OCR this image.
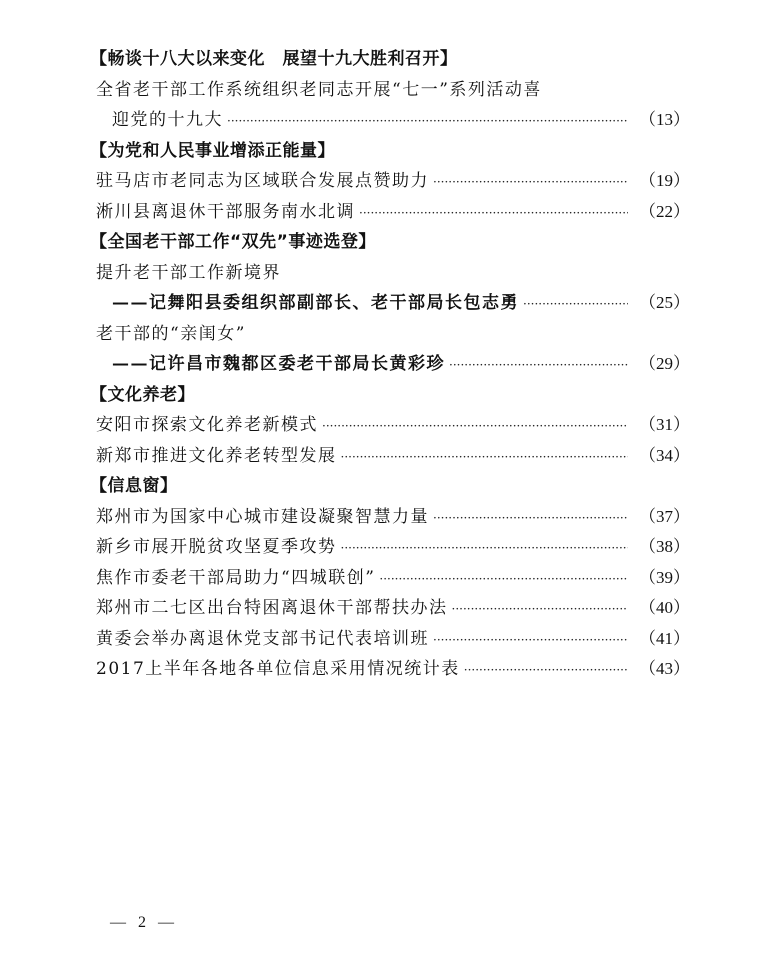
【畅谈十八大以来变化　展望十九大胜利召开】
全省老干部工作系统组织老同志开展“七一”系列活动喜
迎党的十九大 ·····	（13）
【为党和人民事业增添正能量】
驻马店市老同志为区域联合发展点赞助力 ·····	（19）
淅川县离退休干部服务南水北调 ·····	（22）
【全国老干部工作“双先”事迹选登】
提升老干部工作新境界
——记舞阳县委组织部副部长、老干部局长包志勇 ·····	（25）
老干部的“亲闺女”
——记许昌市魏都区委老干部局长黄彩珍 ·····	（29）
【文化养老】
安阳市探索文化养老新模式 ·····	（31）
新郑市推进文化养老转型发展 ·····	（34）
【信息窗】
郑州市为国家中心城市建设凝聚智慧力量 ·····	（37）
新乡市展开脱贫攻坚夏季攻势 ·····	（38）
焦作市委老干部局助力“四城联创” ·····	（39）
郑州市二七区出台特困离退休干部帮扶办法 ·····	（40）
黄委会举办离退休党支部书记代表培训班 ·····	（41）
2017上半年各地各单位信息采用情况统计表 ·····	（43）
— 2 —
